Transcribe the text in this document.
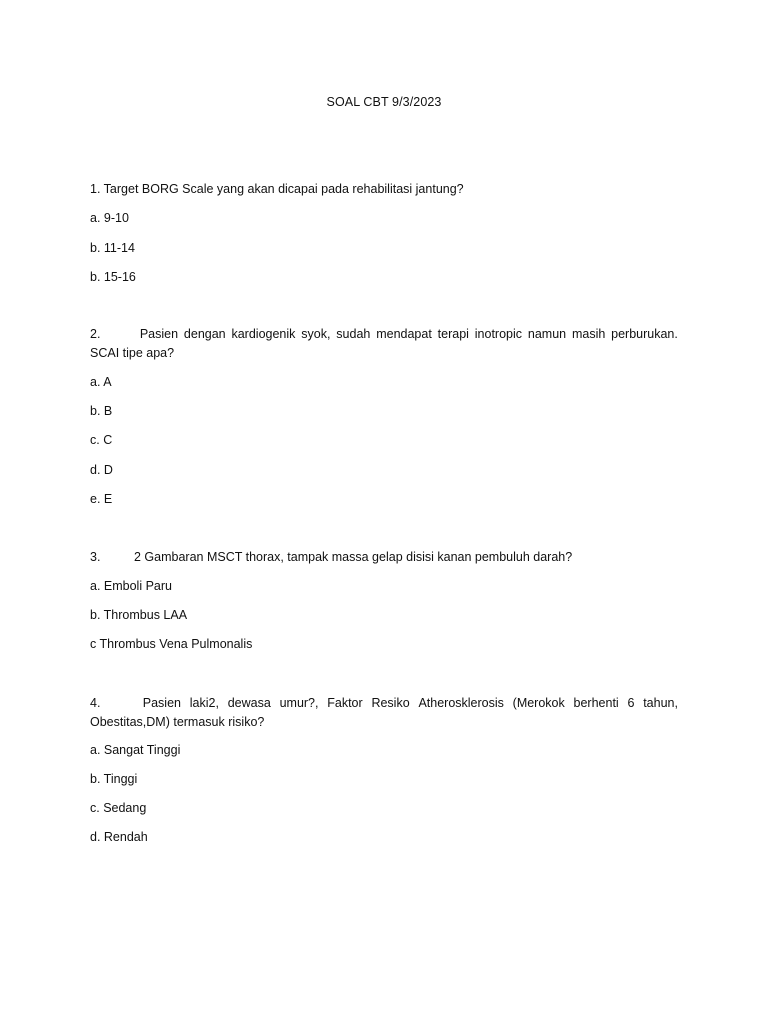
SOAL CBT 9/3/2023
1. Target BORG Scale yang akan dicapai pada rehabilitasi jantung?
a. 9-10
b. 11-14
b. 15-16
2.	Pasien dengan kardiogenik syok, sudah mendapat terapi inotropic namun masih perburukan.
SCAI tipe apa?
a. A
b. B
c. C
d. D
e. E
3.	2 Gambaran MSCT thorax, tampak massa gelap disisi kanan pembuluh darah?
a. Emboli Paru
b. Thrombus LAA
c Thrombus Vena Pulmonalis
4.	Pasien laki2, dewasa umur?, Faktor Resiko Atherosklerosis (Merokok berhenti 6 tahun,
Obestitas,DM) termasuk risiko?
a. Sangat Tinggi
b. Tinggi
c. Sedang
d. Rendah
